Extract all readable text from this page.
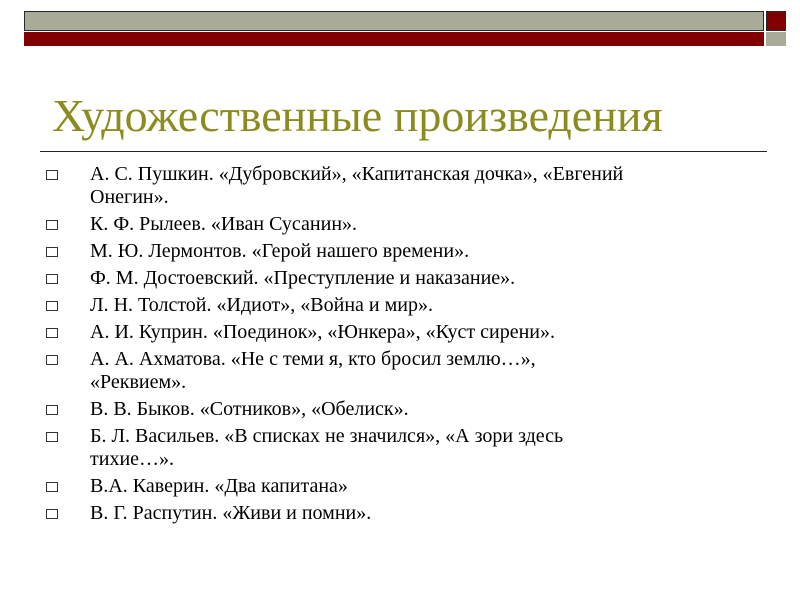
Художественные произведения
А. С. Пушкин. «Дубровский», «Капитанская дочка», «Евгений
Онегин».
К. Ф. Рылеев. «Иван Сусанин».
М. Ю. Лермонтов. «Герой нашего времени».
Ф. М. Достоевский. «Преступление и наказание».
Л. Н. Толстой. «Идиот», «Война и мир».
А. И. Куприн. «Поединок», «Юнкера», «Куст сирени».
А. А. Ахматова. «Не с теми я, кто бросил землю…»,
«Реквием».
В. В. Быков. «Сотников», «Обелиск».
Б. Л. Васильев. «В списках не значился», «А зори здесь
тихие…».
В.А. Каверин. «Два капитана»
В. Г. Распутин. «Живи и помни».
